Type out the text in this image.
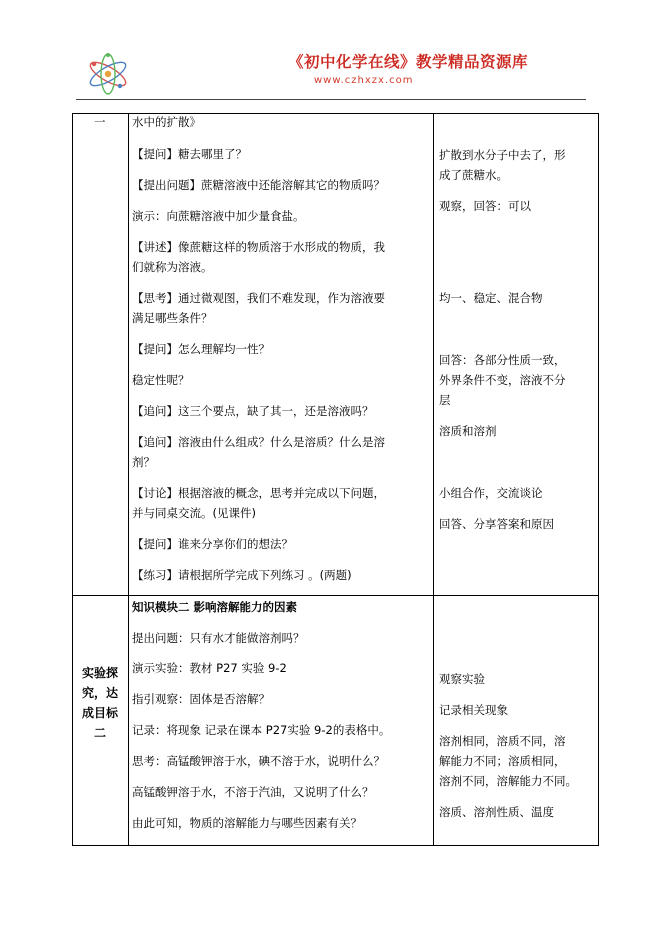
《初中化学在线》教学精品资源库
www.czhxzx.com
一 水中的扩散》
【提问】糖去哪里了？
【提出问题】蔗糖溶液中还能溶解其它的物质吗？
演示：向蔗糖溶液中加少量食盐。
【讲述】像蔗糖这样的物质溶于水形成的物质，我
们就称为溶液。
【思考】通过微观图，我们不难发现，作为溶液要
满足哪些条件？
【提问】怎么理解均一性？
稳定性呢？
【追问】这三个要点，缺了其一，还是溶液吗？
【追问】溶液由什么组成？什么是溶质？什么是溶
剂？
【讨论】根据溶液的概念，思考并完成以下问题，
并与同桌交流。(见课件)
【提问】谁来分享你们的想法？
【练习】请根据所学完成下列练习 。(两题)
扩散到水分子中去了，形
成了蔗糖水。
观察，回答：可以
均一、稳定、混合物
回答：各部分性质一致，
外界条件不变，溶液不分
层
溶质和溶剂
小组合作，交流谈论
回答、分享答案和原因
实验探
究，达
成目标
二
知识模块二 影响溶解能力的因素
提出问题：只有水才能做溶剂吗？
演示实验：教材 P27 实验 9-2
指引观察：固体是否溶解？
记录：将现象 记录在课本 P27实验 9-2的表格中。
思考：高锰酸钾溶于水，碘不溶于水，说明什么？
高锰酸钾溶于水，不溶于汽油，又说明了什么？
由此可知，物质的溶解能力与哪些因素有关？
观察实验
记录相关现象
溶剂相同，溶质不同，溶
解能力不同；溶质相同，
溶剂不同，溶解能力不同。
溶质、溶剂性质、温度
